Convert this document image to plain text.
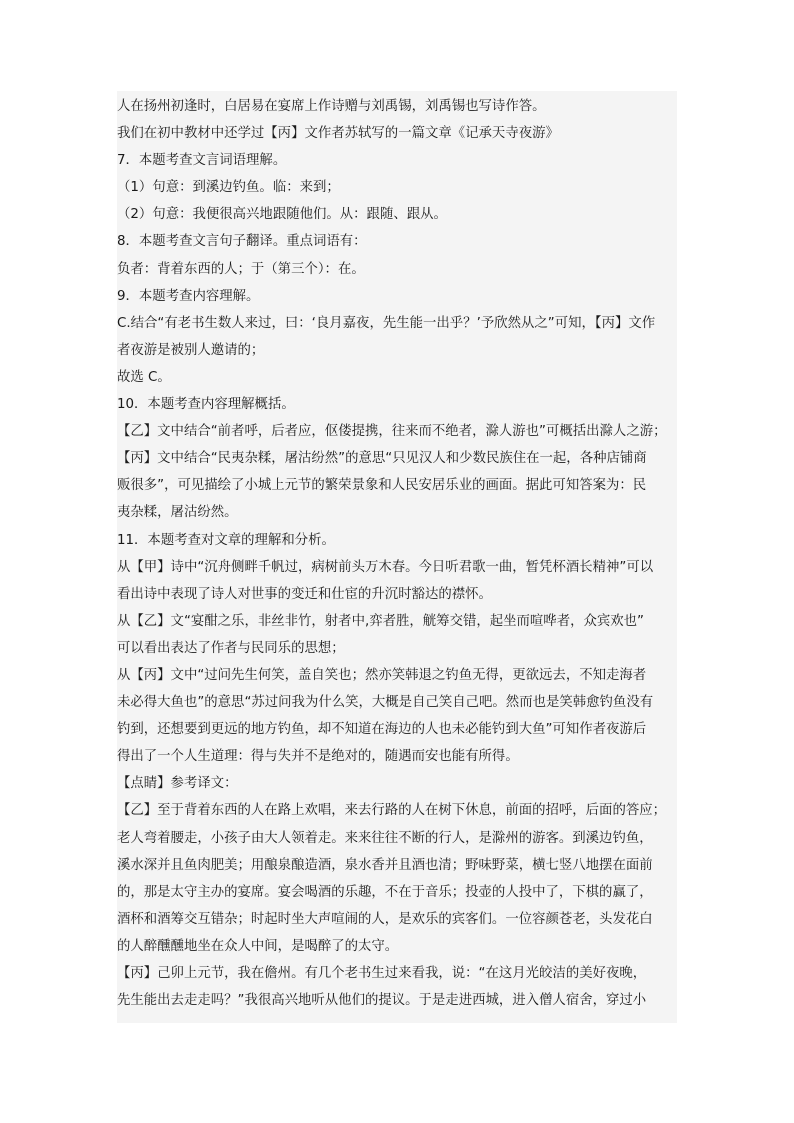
人在扬州初逢时，白居易在宴席上作诗赠与刘禹锡，刘禹锡也写诗作答。
我们在初中教材中还学过【丙】文作者苏轼写的一篇文章《记承天寺夜游》
7．本题考查文言词语理解。
（1）句意：到溪边钓鱼。临：来到；
（2）句意：我便很高兴地跟随他们。从：跟随、跟从。
8．本题考查文言句子翻译。重点词语有：
负者：背着东西的人；于（第三个）：在。
9．本题考查内容理解。
C.结合“有老书生数人来过，曰：‘良月嘉夜，先生能一出乎？’予欣然从之”可知，【丙】文作
者夜游是被别人邀请的；
故选 C。
10．本题考查内容理解概括。
【乙】文中结合“前者呼，后者应，伛偻提携，往来而不绝者，滁人游也”可概括出滁人之游；
【丙】文中结合“民夷杂糅，屠沽纷然”的意思“只见汉人和少数民族住在一起，各种店铺商
贩很多”，可见描绘了小城上元节的繁荣景象和人民安居乐业的画面。据此可知答案为：民
夷杂糅，屠沽纷然。
11．本题考查对文章的理解和分析。
从【甲】诗中“沉舟侧畔千帆过，病树前头万木春。今日听君歌一曲，暂凭杯酒长精神”可以
看出诗中表现了诗人对世事的变迁和仕宦的升沉时豁达的襟怀。
从【乙】文“宴酣之乐，非丝非竹，射者中,弈者胜，觥筹交错，起坐而喧哗者，众宾欢也”
可以看出表达了作者与民同乐的思想；
从【丙】文中“过问先生何笑，盖自笑也；然亦笑韩退之钓鱼无得，更欲远去，不知走海者
未必得大鱼也”的意思“苏过问我为什么笑，大概是自己笑自己吧。然而也是笑韩愈钓鱼没有
钓到，还想要到更远的地方钓鱼，却不知道在海边的人也未必能钓到大鱼”可知作者夜游后
得出了一个人生道理：得与失并不是绝对的，随遇而安也能有所得。
【点睛】参考译文：
【乙】至于背着东西的人在路上欢唱，来去行路的人在树下休息，前面的招呼，后面的答应；
老人弯着腰走，小孩子由大人领着走。来来往往不断的行人，是滁州的游客。到溪边钓鱼，
溪水深并且鱼肉肥美；用酿泉酿造酒，泉水香并且酒也清；野味野菜，横七竖八地摆在面前
的，那是太守主办的宴席。宴会喝酒的乐趣，不在于音乐；投壶的人投中了，下棋的赢了，
酒杯和酒筹交互错杂；时起时坐大声喧闹的人，是欢乐的宾客们。一位容颜苍老，头发花白
的人醉醺醺地坐在众人中间，是喝醉了的太守。
【丙】己卯上元节，我在儋州。有几个老书生过来看我，说：“在这月光皎洁的美好夜晚，
先生能出去走走吗？”我很高兴地听从他们的提议。于是走进西城，进入僧人宿舍，穿过小
